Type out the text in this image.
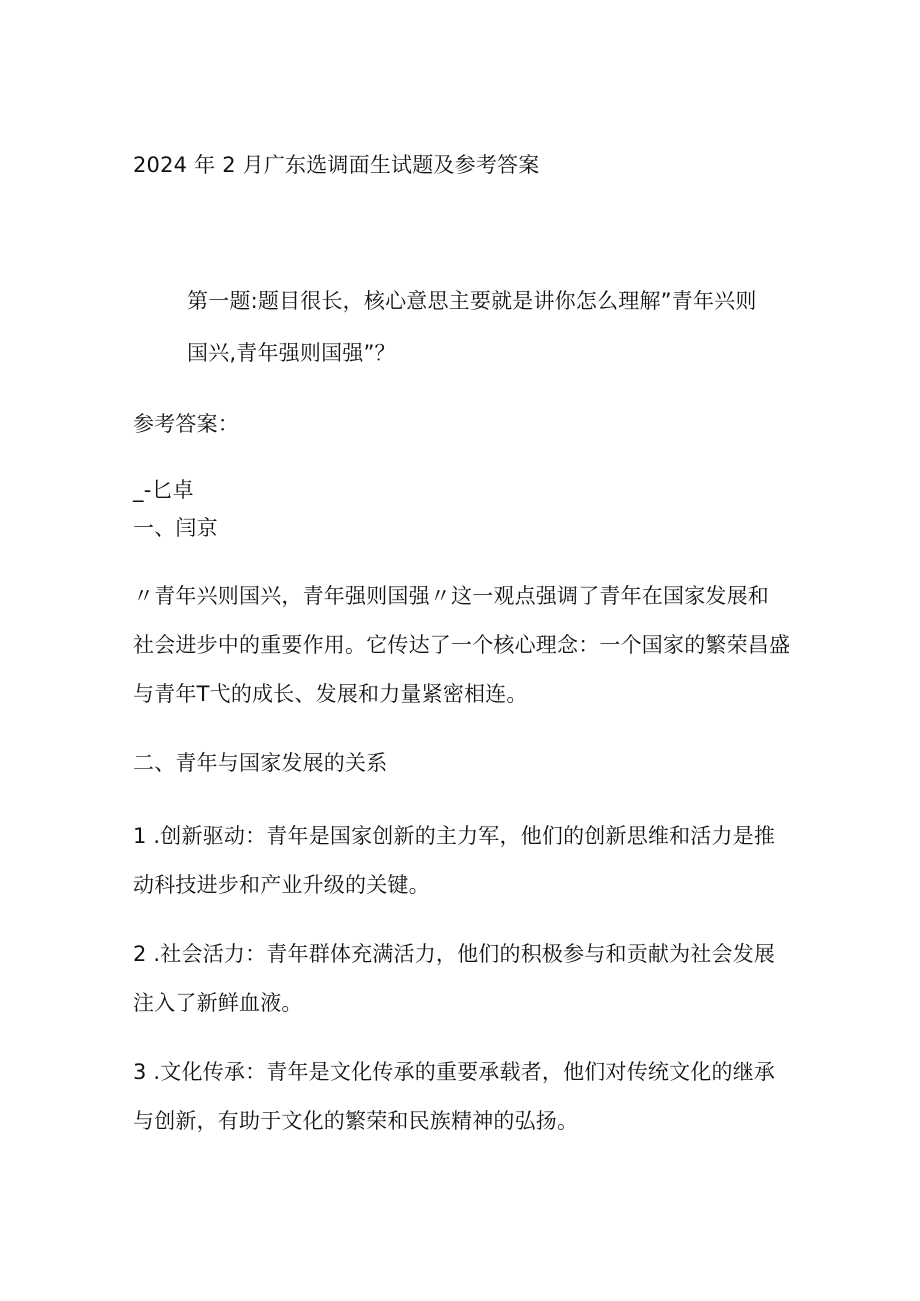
2024 年 2 月广东选调面生试题及参考答案
第一题:题目很长，核心意思主要就是讲你怎么理解”青年兴则
国兴,青年强则国强”？
参考答案：
_-匕卓
一、闫京
〃青年兴则国兴，青年强则国强〃这一观点强调了青年在国家发展和
社会进步中的重要作用。它传达了一个核心理念：一个国家的繁荣昌盛
与青年T弋的成长、发展和力量紧密相连。
二、青年与国家发展的关系
1 .创新驱动：青年是国家创新的主力军，他们的创新思维和活力是推
动科技进步和产业升级的关键。
2 .社会活力：青年群体充满活力，他们的积极参与和贡献为社会发展
注入了新鲜血液。
3 .文化传承：青年是文化传承的重要承载者，他们对传统文化的继承
与创新，有助于文化的繁荣和民族精神的弘扬。
